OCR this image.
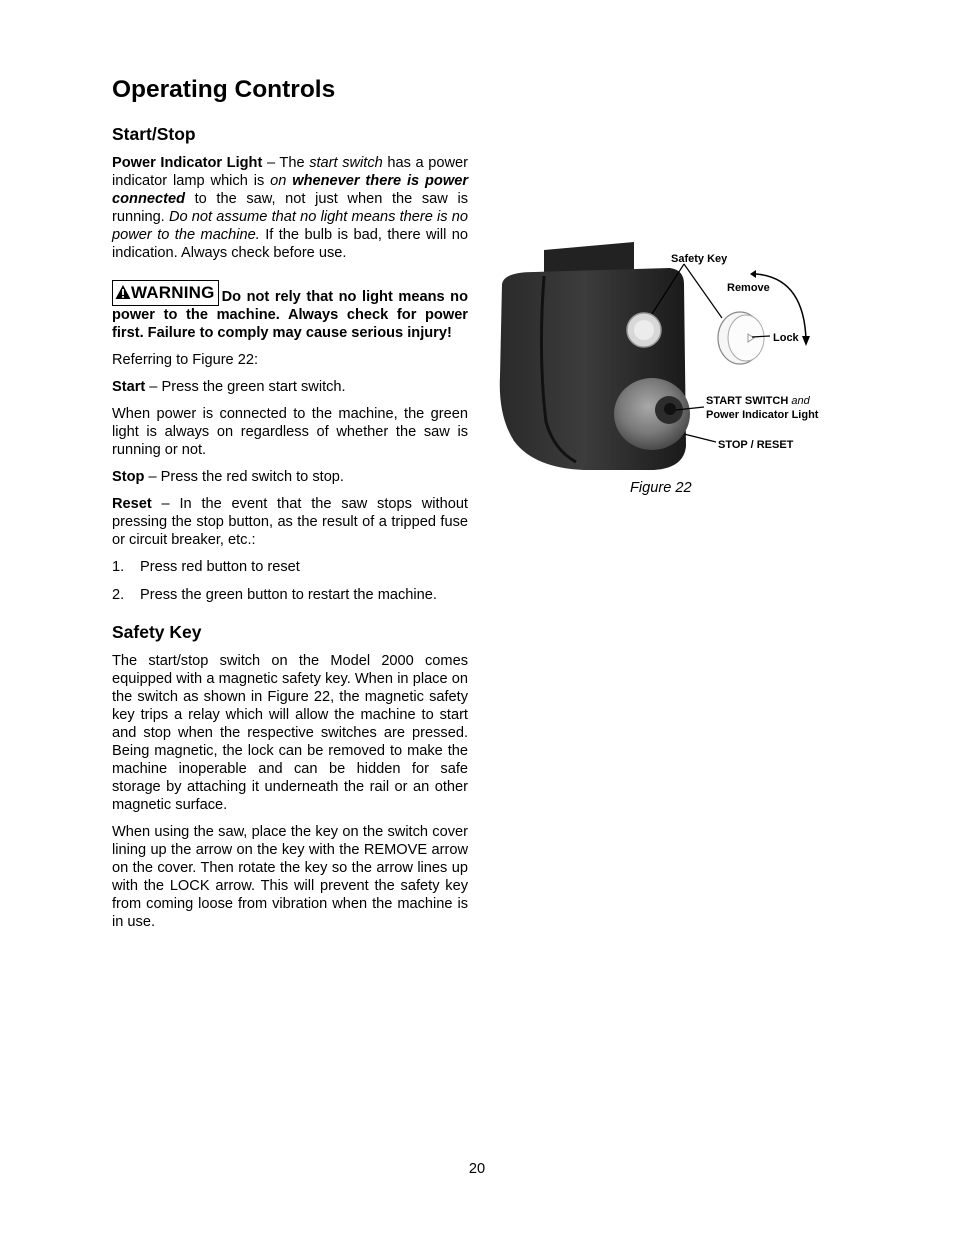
Operating Controls
Start/Stop

Power Indicator Light – The start switch has a power indicator lamp which is on whenever there is power connected to the saw, not just when the saw is running. Do not assume that no light means there is no power to the machine. If the bulb is bad, there will no indication. Always check before use.

WARNING Do not rely that no light means no power to the machine. Always check for power first. Failure to comply may cause serious injury!

Referring to Figure 22:

Start – Press the green start switch.

When power is connected to the machine, the green light is always on regardless of whether the saw is running or not.

Stop – Press the red switch to stop.

Reset – In the event that the saw stops without pressing the stop button, as the result of a tripped fuse or circuit breaker, etc.:

1.	Press red button to reset
2.	Press the green button to restart the machine.
Safety Key

The start/stop switch on the Model 2000 comes equipped with a magnetic safety key. When in place on the switch as shown in Figure 22, the magnetic safety key trips a relay which will allow the machine to start and stop when the respective switches are pressed. Being magnetic, the lock can be removed to make the machine inoperable and can be hidden for safe storage by attaching it underneath the rail or an other magnetic surface.

When using the saw, place the key on the switch cover lining up the arrow on the key with the REMOVE arrow on the cover. Then rotate the key so the arrow lines up with the LOCK arrow. This will prevent the safety key from coming loose from vibration when the machine is in use.

Safety Key
Remove
Lock
START SWITCH and
Power Indicator Light
STOP / RESET
Figure 22
20
